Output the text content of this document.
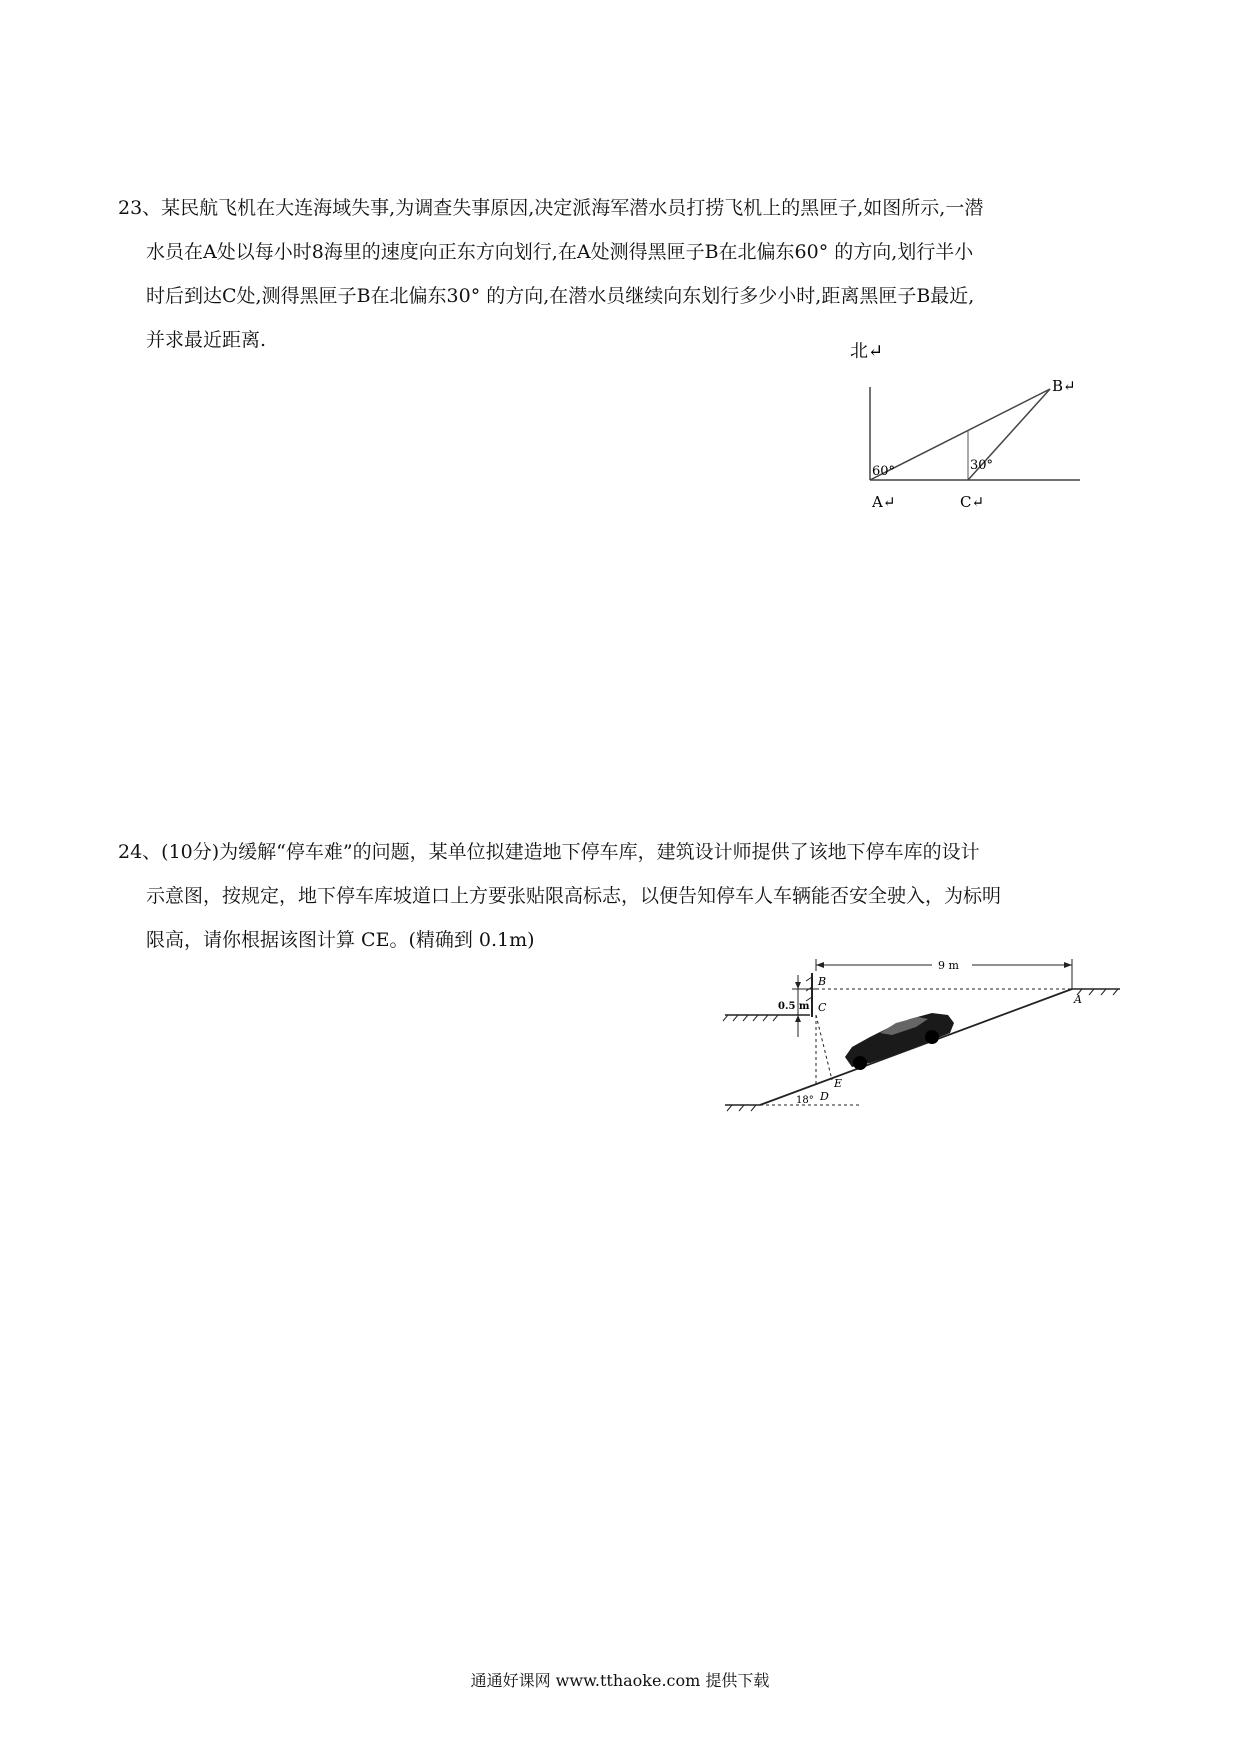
23、某民航飞机在大连海域失事,为调查失事原因,决定派海军潜水员打捞飞机上的黑匣子,如图所示,一潜

水员在A处以每小时8海里的速度向正东方向划行,在A处测得黑匣子B在北偏东60° 的方向,划行半小

时后到达C处,测得黑匣子B在北偏东30° 的方向,在潜水员继续向东划行多少小时,距离黑匣子B最近,

并求最近距离.

北↵
60°	30°
B↵
A↵	C↵

24、(10分)为缓解“停车难”的问题，某单位拟建造地下停车库，建筑设计师提供了该地下停车库的设计

示意图，按规定，地下停车库坡道口上方要张贴限高标志，以便告知停车人车辆能否安全驶入，为标明

限高，请你根据该图计算 CE。(精确到 0.1m)

9 m
0.5 m
B
C
A
D
E
18°
通通好课网 www.tthaoke.com 提供下载
